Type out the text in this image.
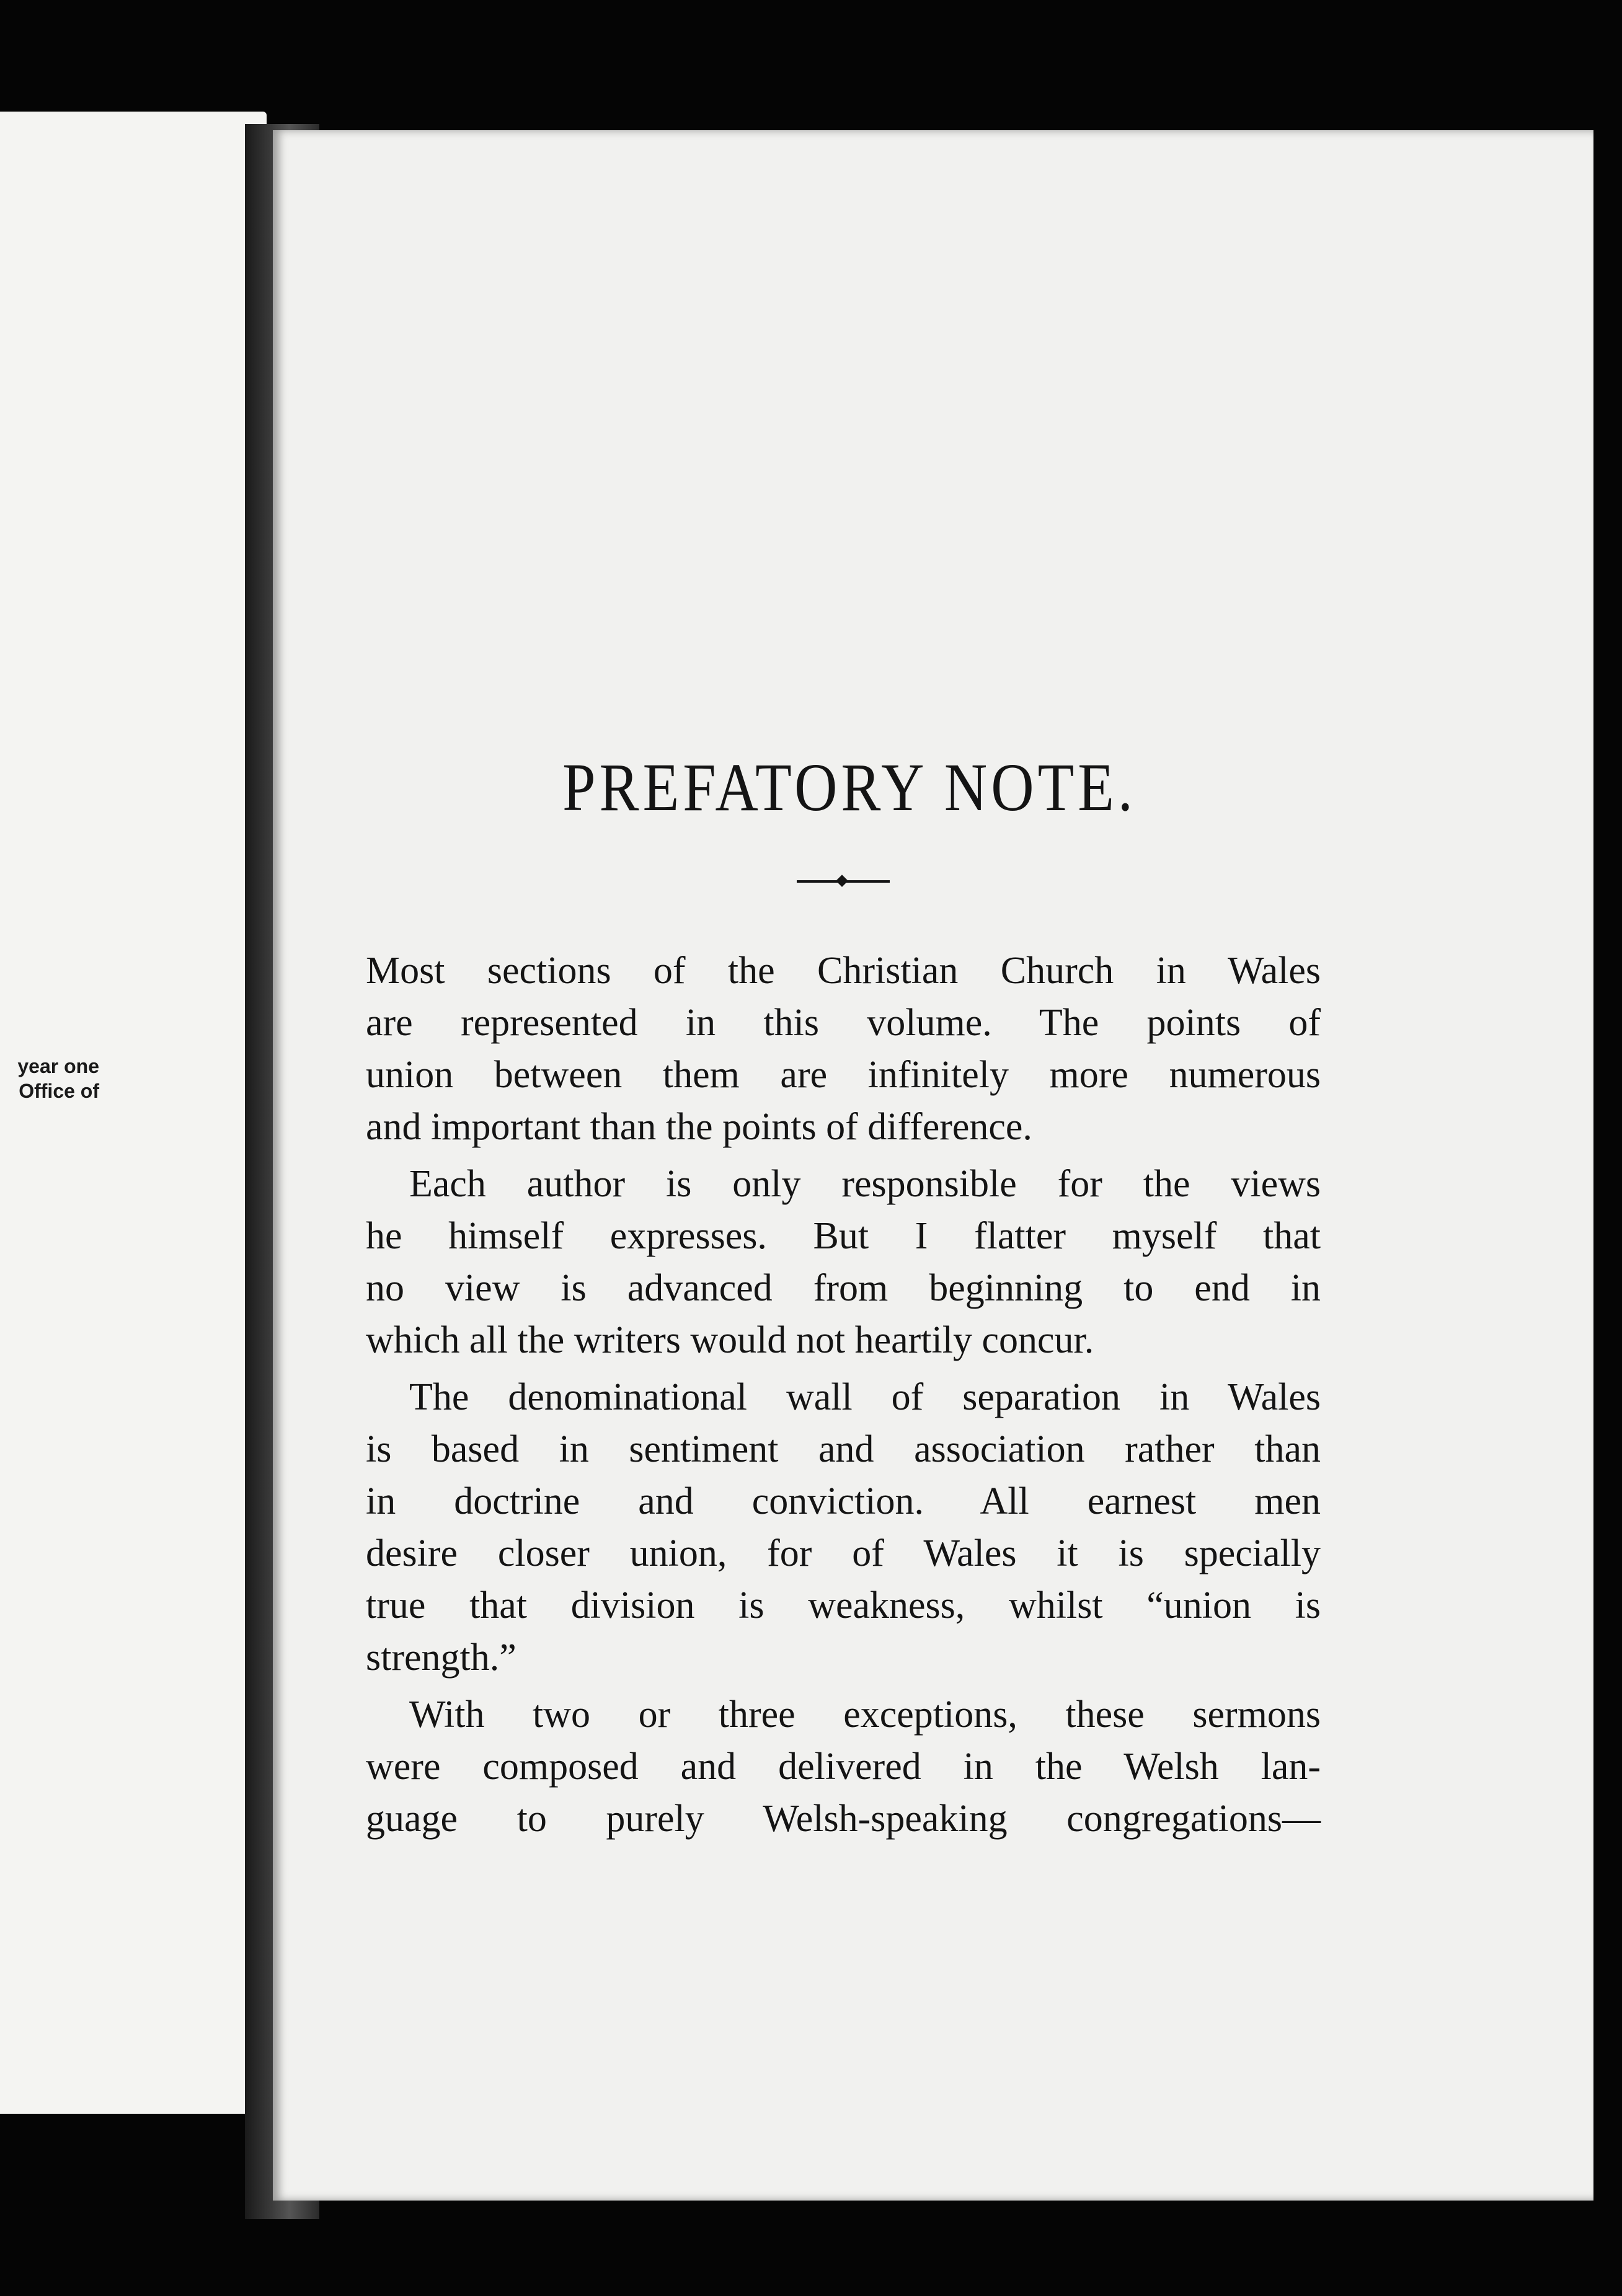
year one
Office of
PREFATORY NOTE.
Most sections of the Christian Church in Wales
are represented in this volume. The points of
union between them are infinitely more numerous
and important than the points of difference.
Each author is only responsible for the views
he himself expresses. But I flatter myself that
no view is advanced from beginning to end in
which all the writers would not heartily concur.
The denominational wall of separation in Wales
is based in sentiment and association rather than
in doctrine and conviction. All earnest men
desire closer union, for of Wales it is specially
true that division is weakness, whilst “union is
strength.”
With two or three exceptions, these sermons
were composed and delivered in the Welsh lan-
guage to purely Welsh-speaking congregations—
